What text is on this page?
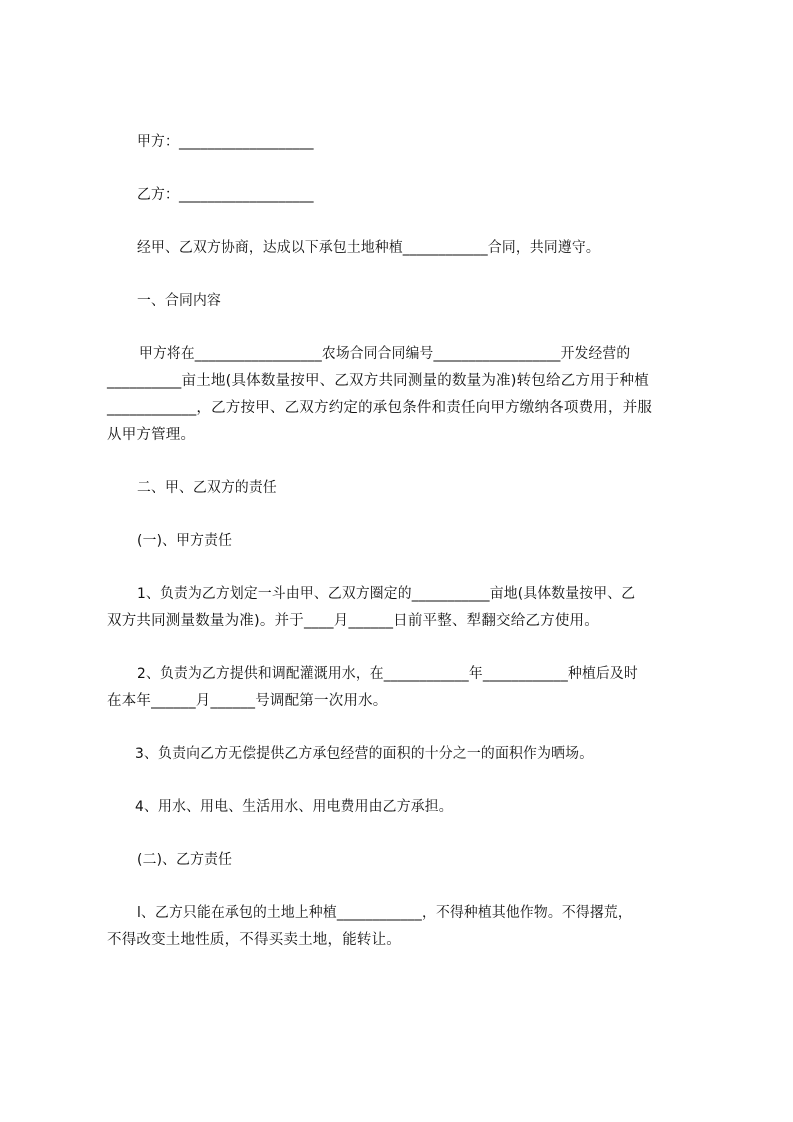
甲方：___________________
乙方：___________________
经甲、乙双方协商，达成以下承包土地种植____________合同，共同遵守。
一、合同内容
甲方将在__________________农场合同合同编号__________________开发经营的
__________亩土地(具体数量按甲、乙双方共同测量的数量为准)转包给乙方用于种植
____________，乙方按甲、乙双方约定的承包条件和责任向甲方缴纳各项费用，并服
从甲方管理。
二、甲、乙双方的责任
(一)、甲方责任
1、负责为乙方划定一斗由甲、乙双方圈定的___________亩地(具体数量按甲、乙
双方共同测量数量为准)。并于____月______日前平整、犁翻交给乙方使用。
2、负责为乙方提供和调配灌溉用水，在____________年____________种植后及时
在本年______月______号调配第一次用水。
3、负责向乙方无偿提供乙方承包经营的面积的十分之一的面积作为晒场。
4、用水、用电、生活用水、用电费用由乙方承担。
(二)、乙方责任
l、乙方只能在承包的土地上种植____________，不得种植其他作物。不得撂荒，
不得改变土地性质，不得买卖土地，能转让。
